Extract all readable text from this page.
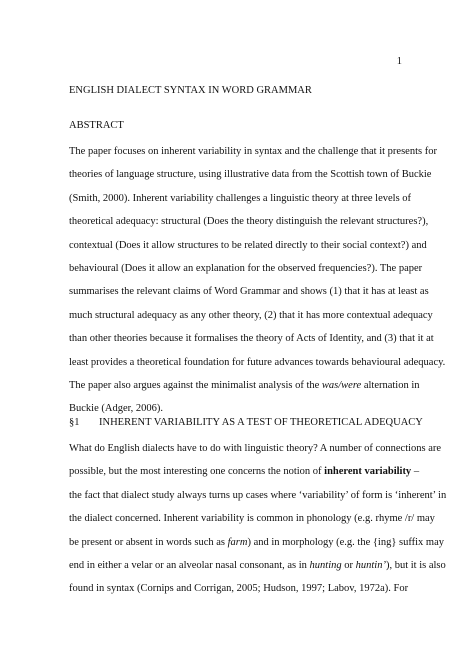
1
ENGLISH DIALECT SYNTAX IN WORD GRAMMAR
ABSTRACT
The paper focuses on inherent variability in syntax and the challenge that it presents for
theories of language structure, using illustrative data from the Scottish town of Buckie
(Smith, 2000). Inherent variability challenges a linguistic theory at three levels of
theoretical adequacy: structural (Does the theory distinguish the relevant structures?),
contextual (Does it allow structures to be related directly to their social context?) and
behavioural (Does it allow an explanation for the observed frequencies?). The paper
summarises the relevant claims of Word Grammar and shows (1) that it has at least as
much structural adequacy as any other theory, (2) that it has more contextual adequacy
than other theories because it formalises the theory of Acts of Identity, and (3) that it at
least provides a theoretical foundation for future advances towards behavioural adequacy.
The paper also argues against the minimalist analysis of the was/were alternation in
Buckie (Adger, 2006).
§1 INHERENT VARIABILITY AS A TEST OF THEORETICAL ADEQUACY
What do English dialects have to do with linguistic theory? A number of connections are
possible, but the most interesting one concerns the notion of inherent variability –
the fact that dialect study always turns up cases where ‘variability’ of form is ‘inherent’ in
the dialect concerned. Inherent variability is common in phonology (e.g. rhyme /r/ may
be present or absent in words such as farm) and in morphology (e.g. the {ing} suffix may
end in either a velar or an alveolar nasal consonant, as in hunting or huntin’), but it is also
found in syntax (Cornips and Corrigan, 2005; Hudson, 1997; Labov, 1972a). For
